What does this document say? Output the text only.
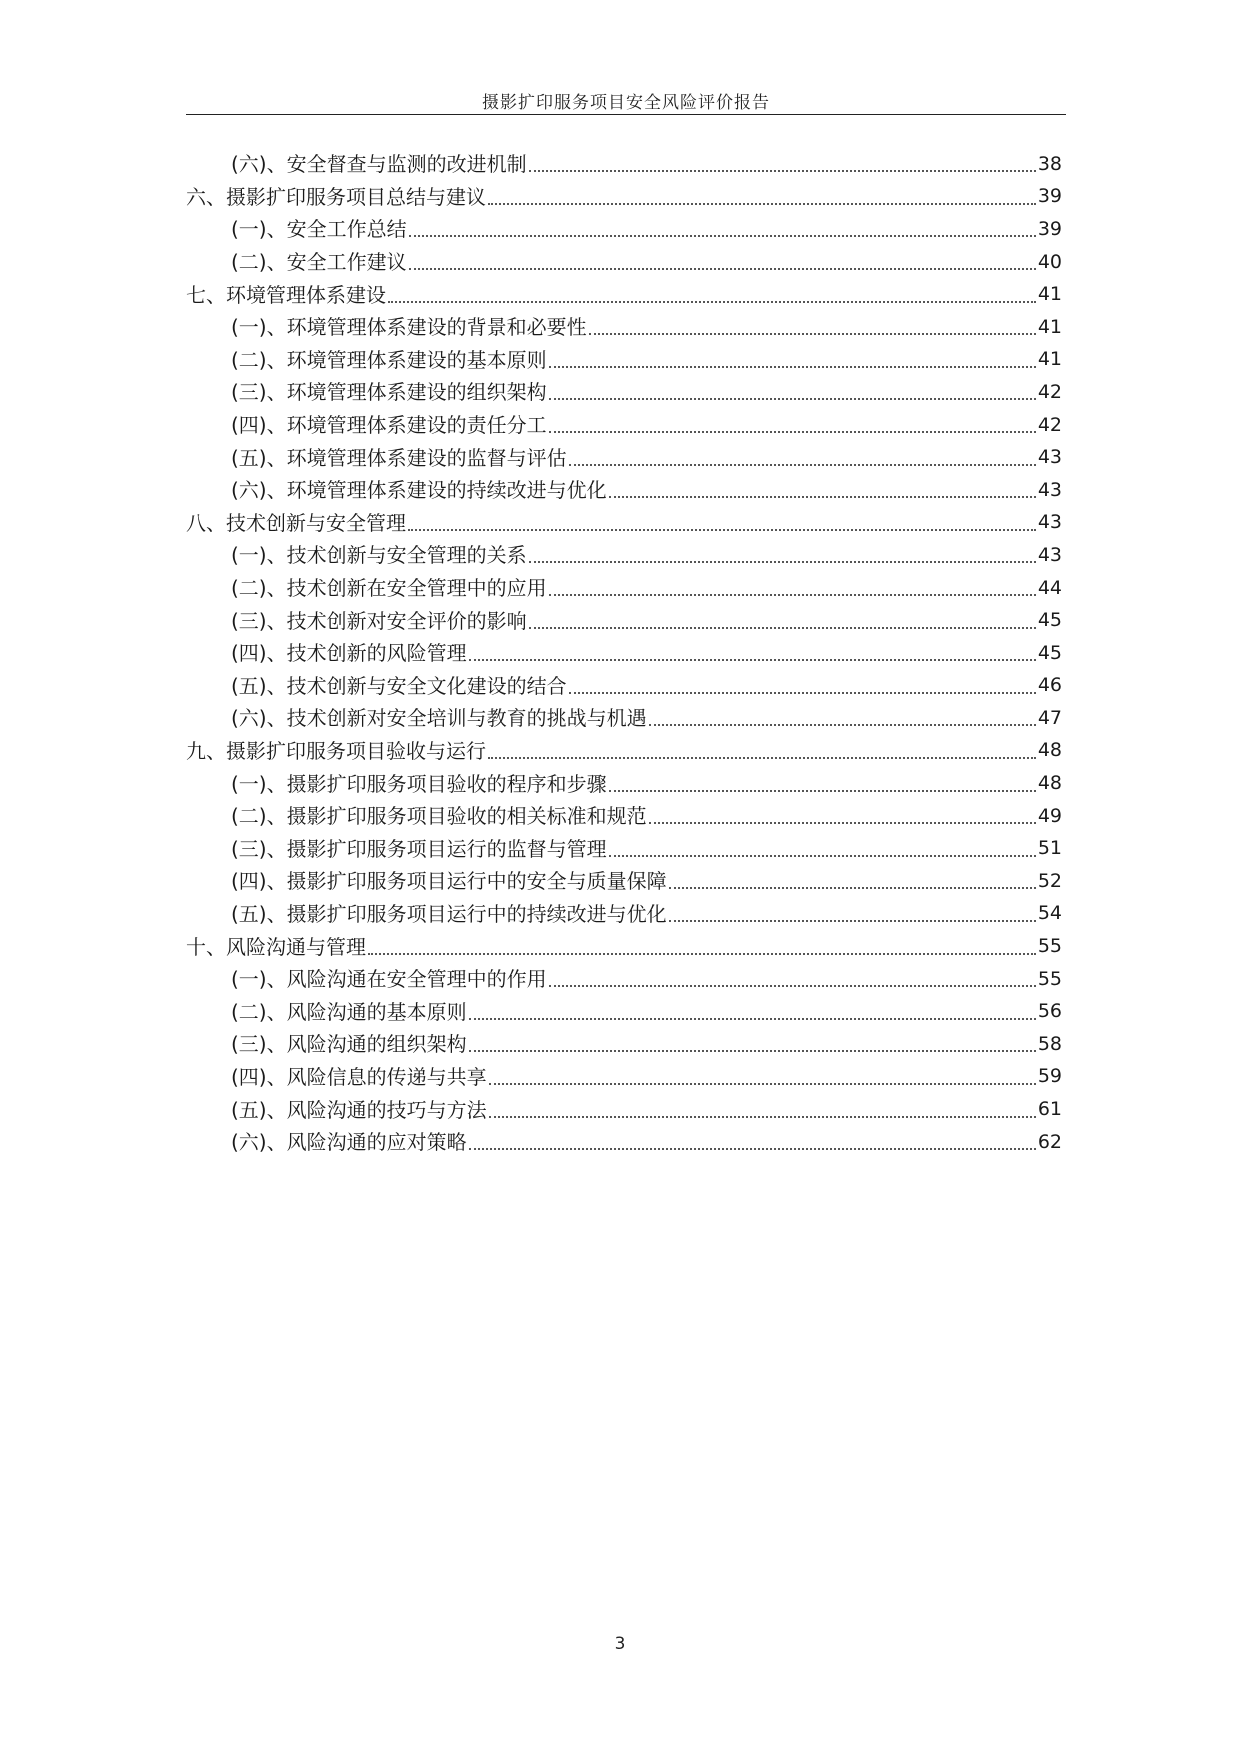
摄影扩印服务项目安全风险评价报告
(六)、安全督查与监测的改进机制	38
六、摄影扩印服务项目总结与建议	39
(一)、安全工作总结	39
(二)、安全工作建议	40
七、环境管理体系建设	41
(一)、环境管理体系建设的背景和必要性	41
(二)、环境管理体系建设的基本原则	41
(三)、环境管理体系建设的组织架构	42
(四)、环境管理体系建设的责任分工	42
(五)、环境管理体系建设的监督与评估	43
(六)、环境管理体系建设的持续改进与优化	43
八、技术创新与安全管理	43
(一)、技术创新与安全管理的关系	43
(二)、技术创新在安全管理中的应用	44
(三)、技术创新对安全评价的影响	45
(四)、技术创新的风险管理	45
(五)、技术创新与安全文化建设的结合	46
(六)、技术创新对安全培训与教育的挑战与机遇	47
九、摄影扩印服务项目验收与运行	48
(一)、摄影扩印服务项目验收的程序和步骤	48
(二)、摄影扩印服务项目验收的相关标准和规范	49
(三)、摄影扩印服务项目运行的监督与管理	51
(四)、摄影扩印服务项目运行中的安全与质量保障	52
(五)、摄影扩印服务项目运行中的持续改进与优化	54
十、风险沟通与管理	55
(一)、风险沟通在安全管理中的作用	55
(二)、风险沟通的基本原则	56
(三)、风险沟通的组织架构	58
(四)、风险信息的传递与共享	59
(五)、风险沟通的技巧与方法	61
(六)、风险沟通的应对策略	62
3
